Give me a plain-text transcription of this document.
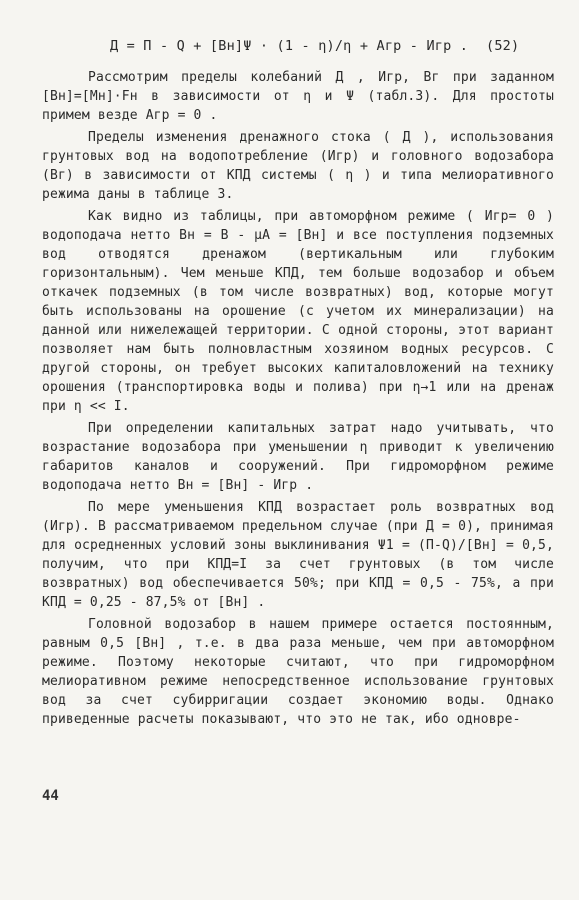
Д = П - Q + [Вн]Ψ · (1 - η)/η + Aгр - Игр . (52)

Рассмотрим пределы колебаний Д , Игр, Вг при заданном [Вн]=[Мн]·Fн в зависимости от η и Ψ (табл.3). Для простоты примем везде Aгр = 0 .

Пределы изменения дренажного стока ( Д ), использования грунтовых вод на водопотребление (Игр) и головного водозабора (Вг) в зависимости от КПД системы ( η ) и типа мелиоративного режима даны в таблице 3.

Как видно из таблицы, при автоморфном режиме ( Игр= 0 ) водоподача нетто Вн = В - μА = [Вн] и все поступления подземных вод отводятся дренажом (вертикальным или глубоким горизонтальным). Чем меньше КПД, тем больше водозабор и объем откачек подземных (в том числе возвратных) вод, которые могут быть использованы на орошение (с учетом их минерализации) на данной или нижележащей территории. С одной стороны, этот вариант позволяет нам быть полновластным хозяином водных ресурсов. С другой стороны, он требует высоких капиталовложений на технику орошения (транспортировка воды и полива) при η→1 или на дренаж при η << I.

При определении капитальных затрат надо учитывать, что возрастание водозабора при уменьшении η приводит к увеличению габаритов каналов и сооружений. При гидроморфном режиме водоподача нетто Вн = [Вн] - Игр .

По мере уменьшения КПД возрастает роль возвратных вод (Игр). В рассматриваемом предельном случае (при Д = 0), принимая для осредненных условий зоны выклинивания Ψ1 = (П-Q)/[Вн] = 0,5, получим, что при КПД=I за счет грунтовых (в том числе возвратных) вод обеспечивается 50%; при КПД = 0,5 - 75%, а при КПД = 0,25 - 87,5% от [Вн] .

Головной водозабор в нашем примере остается постоянным, равным 0,5 [Вн] , т.е. в два раза меньше, чем при автоморфном режиме. Поэтому некоторые считают, что при гидроморфном мелиоративном режиме непосредственное использование грунтовых вод за счет субирригации создает экономию воды. Однако приведенные расчеты показывают, что это не так, ибо одновре-

44
